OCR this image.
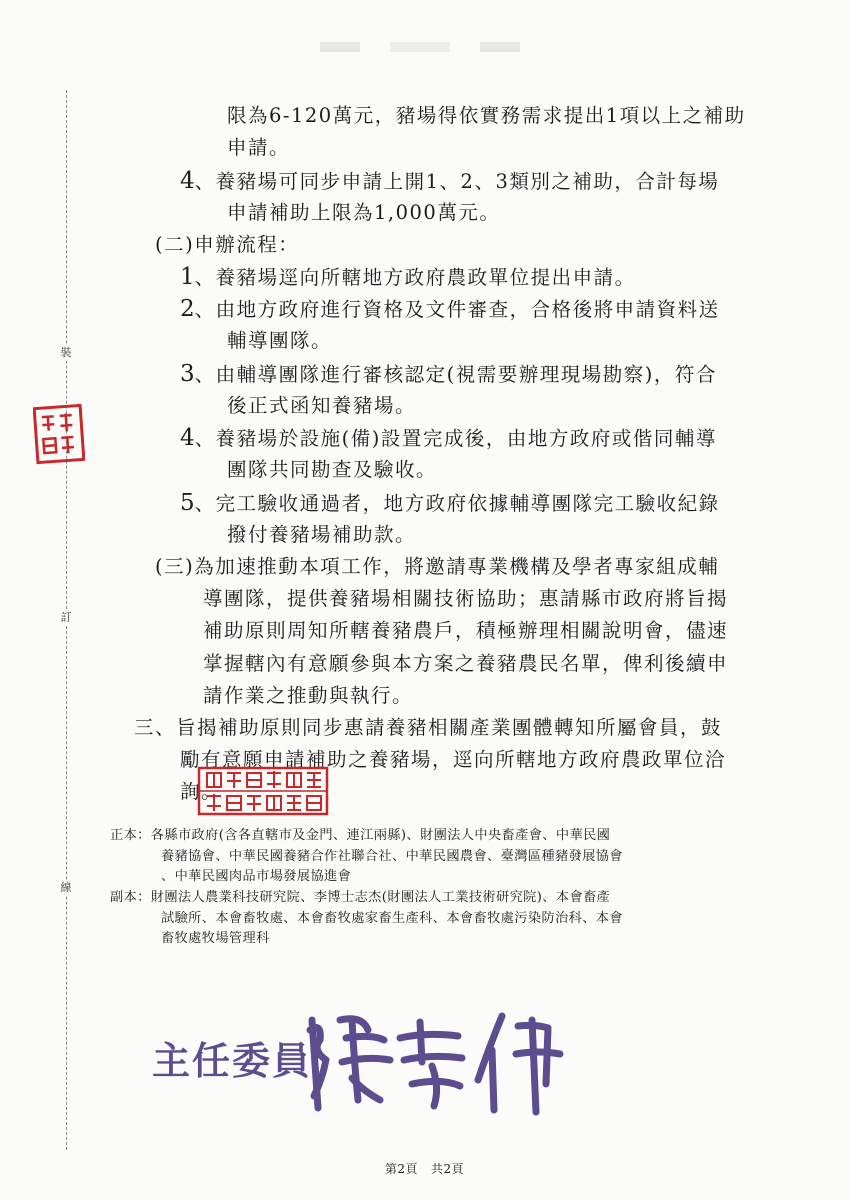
裝
訂
線
限為6-120萬元，豬場得依實務需求提出1項以上之補助
申請。
4、養豬場可同步申請上開1、2、3類別之補助，合計每場
申請補助上限為1,000萬元。
(二)申辦流程：
1、養豬場逕向所轄地方政府農政單位提出申請。
2、由地方政府進行資格及文件審查，合格後將申請資料送
輔導團隊。
3、由輔導團隊進行審核認定(視需要辦理現場勘察)，符合
後正式函知養豬場。
4、養豬場於設施(備)設置完成後，由地方政府或偕同輔導
團隊共同勘查及驗收。
5、完工驗收通過者，地方政府依據輔導團隊完工驗收紀錄
撥付養豬場補助款。
(三)為加速推動本項工作，將邀請專業機構及學者專家組成輔
導團隊，提供養豬場相關技術協助；惠請縣市政府將旨揭
補助原則周知所轄養豬農戶，積極辦理相關說明會，儘速
掌握轄內有意願參與本方案之養豬農民名單，俾利後續申
請作業之推動與執行。
三、旨揭補助原則同步惠請養豬相關產業團體轉知所屬會員，鼓
勵有意願申請補助之養豬場，逕向所轄地方政府農政單位洽
詢。
正本：各縣市政府(含各直轄市及金門、連江兩縣)、財團法人中央畜產會、中華民國
養豬協會、中華民國養豬合作社聯合社、中華民國農會、臺灣區種豬發展協會
、中華民國肉品市場發展協進會
副本：財團法人農業科技研究院、李博士志杰(財團法人工業技術研究院)、本會畜產
試驗所、本會畜牧處、本會畜牧處家畜生產科、本會畜牧處污染防治科、本會
畜牧處牧場管理科
主任委員
第2頁 共2頁
